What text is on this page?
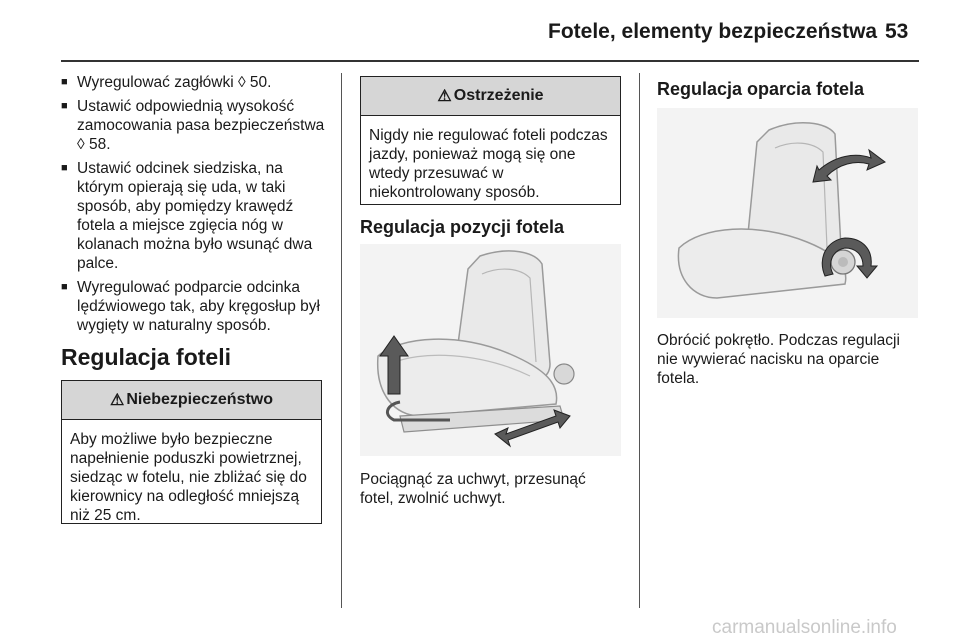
Fotele, elementy bezpieczeństwa 53
■ Wyregulować zagłówki ◊ 50.
■ Ustawić odpowiednią wysokość zamocowania pasa bezpieczeństwa ◊ 58.
■ Ustawić odcinek siedziska, na którym opierają się uda, w taki sposób, aby pomiędzy krawędź fotela a miejsce zgięcia nóg w kolanach można było wsunąć dwa palce.
■ Wyregulować podparcie odcinka lędźwiowego tak, aby kręgosłup był wygięty w naturalny sposób.
Regulacja foteli
⚠ Niebezpieczeństwo
Aby możliwe było bezpieczne napełnienie poduszki powietrznej, siedząc w fotelu, nie zbliżać się do kierownicy na odległość mniejszą niż 25 cm.
⚠ Ostrzeżenie
Nigdy nie regulować foteli podczas jazdy, ponieważ mogą się one wtedy przesuwać w niekontrolowany sposób.
Regulacja pozycji fotela
Pociągnąć za uchwyt, przesunąć fotel, zwolnić uchwyt.
Regulacja oparcia fotela
Obrócić pokrętło. Podczas regulacji nie wywierać nacisku na oparcie fotela.
carmanualsonline.info
